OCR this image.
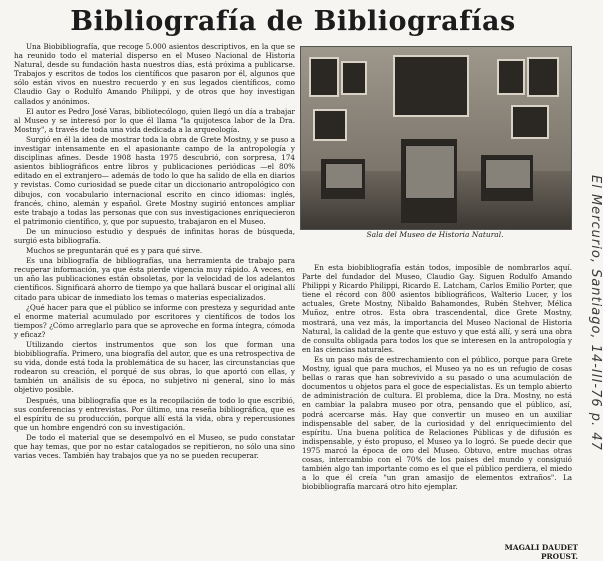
Bibliografía de Bibliografías

Una Biobibliografía, que recoge 5.000 asientos descriptivos, en la que se ha reunido todo el material disperso en el Museo Nacional de Historia Natural, desde su fundación hasta nuestros días, está próxima a publicarse. Trabajos y escritos de todos los científicos que pasaron por él, algunos que sólo están vivos en nuestro recuerdo y en sus legados científicos, como Claudio Gay o Rodulfo Amando Philippi, y de otros que hoy investigan callados y anónimos.

El autor es Pedro José Varas, bibliotecólogo, quien llegó un día a trabajar al Museo y se interesó por lo que él llama "la quijotesca labor de la Dra. Mostny", a través de toda una vida dedicada a la arqueología.

Surgió en él la idea de mostrar toda la obra de Grete Mostny, y se puso a investigar intensamente en el apasionante campo de la antropología y disciplinas afines. Desde 1908 hasta 1975 descubrió, con sorpresa, 174 asientos bibliográficos entre libros y publicaciones periódicas —el 80% editado en el extranjero— además de todo lo que ha salido de ella en diarios y revistas. Como curiosidad se puede citar un diccionario antropológico con dibujos, con vocabulario internacional escrito en cinco idiomas: inglés, francés, chino, alemán y español. Grete Mostny sugirió entonces ampliar este trabajo a todas las personas que con sus investigaciones enriquecieron el patrimonio científico, y, que por supuesto, trabajaron en el Museo.

De un minucioso estudio y después de infinitas horas de búsqueda, surgió esta bibliografía.

Muchos se preguntarán qué es y para qué sirve.

Es una bibliografía de bibliografías, una herramienta de trabajo para recuperar información, ya que ésta pierde vigencia muy rápido. A veces, en un año las publicaciones están obsoletas, por la velocidad de los adelantos científicos. Significará ahorro de tiempo ya que hallará buscar el original allí citado para ubicar de inmediato los temas o materias especializados.

¿Qué hacer para que el público se informe con presteza y seguridad ante el enorme material acumulado por escritores y científicos de todos los tiempos? ¿Cómo arreglarlo para que se aproveche en forma íntegra, cómoda y eficaz?

Utilizando ciertos instrumentos que son los que forman una biobibliografía. Primero, una biografía del autor, que es una retrospectiva de su vida, donde está toda la problemática de su hacer, las circunstancias que rodearon su creación, el porqué de sus obras, lo que aportó con ellas, y también un análisis de su época, no subjetivo ni general, sino lo más objetivo posible.

Después, una bibliografía que es la recopilación de todo lo que escribió, sus conferencias y entrevistas. Por último, una reseña bibliográfica, que es el espíritu de su producción, porque allí está la vida, obra y repercusiones que un hombre engendró con su investigación.

De todo el material que se desempolvó en el Museo, se pudo constatar que hay temas, que por no estar catalogados se repitieron, no sólo una sino varias veces. También hay trabajos que ya no se pueden recuperar.

Sala del Museo de Historia Natural.

En esta biobibliografía están todos, imposible de nombrarlos aquí. Parte del fundador del Museo, Claudio Gay. Siguen Rodulfo Amando Philippi y Ricardo Philippi, Ricardo E. Latcham, Carlos Emilio Porter, que tiene el récord con 800 asientos bibliográficos, Walterio Lucer, y los actuales, Grete Mostny, Nibaldo Bahamondes, Rubén Stehver, Mélica Muñoz, entre otros. Esta obra trascendental, dice Grete Mostny, mostrará, una vez más, la importancia del Museo Nacional de Historia Natural, la calidad de la gente que estuvo y que está allí, y será una obra de consulta obligada para todos los que se interesen en la antropología y en las ciencias naturales.

Es un paso más de estrechamiento con el público, porque para Grete Mostny, igual que para muchos, el Museo ya no es un refugio de cosas bellas o raras que han sobrevivido a su pasado o una acumulación de documentos u objetos para el goce de especialistas. Es un templo abierto de administración de cultura. El problema, dice la Dra. Mostny, no está en cambiar la palabra museo por otra, pensando que el público, así, podrá acercarse más. Hay que convertir un museo en un auxiliar indispensable del saber, de la curiosidad y del enriquecimiento del espíritu. Una buena política de Relaciones Públicas y de difusión es indispensable, y ésto propuso, el Museo ya lo logró. Se puede decir que 1975 marcó la época de oro del Museo. Obtuvo, entre muchas otras cosas, intercambio con el 70% de los países del mundo y consiguió también algo tan importante como es el que el público perdiera, el miedo a lo que él creía "un gran amasijo de elementos extraños". La biobibliografía marcará otro hito ejemplar.

MAGALI DAUDET PROUST.
El Mercurio, Santiago, 14-III-76 p. 47
